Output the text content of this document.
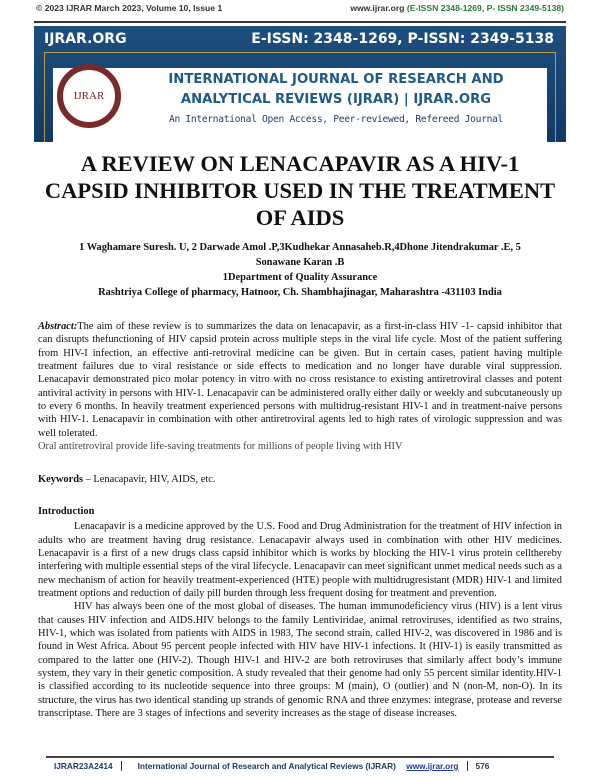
© 2023 IJRAR March 2023, Volume 10, Issue 1	www.ijrar.org (E-ISSN 2348-1269, P- ISSN 2349-5138)
IJRAR.ORG	E-ISSN: 2348-1269, P-ISSN: 2349-5138
IJRAR
INTERNATIONAL JOURNAL OF RESEARCH AND
ANALYTICAL REVIEWS (IJRAR) | IJRAR.ORG
An International Open Access, Peer-reviewed, Refereed Journal
A REVIEW ON LENACAPAVIR AS A HIV-1 CAPSID INHIBITOR USED IN THE TREATMENT OF AIDS
1 Waghamare Suresh. U, 2 Darwade Amol .P,3Kudhekar Annasaheb.R,4Dhone Jitendrakumar .E, 5
Sonawane Karan .B
1Department of Quality Assurance
Rashtriya College of pharmacy, Hatnoor, Ch. Shambhajinagar, Maharashtra -431103 India
Abstract:The aim of these review is to summarizes the data on lenacapavir, as a first-in-class HIV -1- capsid inhibitor that can disrupts thefunctioning of HIV capsid protein across multiple steps in the viral life cycle. Most of the patient suffering from HIV-I infection, an effective anti-retroviral medicine can be given. But in certain cases, patient having multiple treatment failures due to viral resistance or side effects to medication and no longer have durable viral suppression. Lenacapavir demonstrated pico molar potency in vitro with no cross resistance to existing antiretroviral classes and potent antiviral activity in persons with HIV-1. Lenacapavir can be administered orally either daily or weekly and subcutaneously up to every 6 months. In heavily treatment experienced persons with multidrug-resistant HIV-1 and in treatment-naive persons with HIV-1. Lenacapavir in combination with other antiretroviral agents led to high rates of virologic suppression and was well tolerated.
Oral antiretroviral provide life-saving treatments for millions of people living with HIV
Keywords – Lenacapavir, HIV, AIDS, etc.
Introduction

Lenacapavir is a medicine approved by the U.S. Food and Drug Administration for the treatment of HIV infection in adults who are treatment having drug resistance. Lenacapavir always used in combination with other HIV medicines. Lenacapavir is a first of a new drugs class capsid inhibitor which is works by blocking the HIV-1 virus protein cellthereby interfering with multiple essential steps of the viral lifecycle. Lenacapavir can meet significant unmet medical needs such as a new mechanism of action for heavily treatment-experienced (HTE) people with multidrugresistant (MDR) HIV-1 and limited treatment options and reduction of daily pill burden through less frequent dosing for treatment and prevention.

HIV has always been one of the most global of diseases. The human immunodeficiency virus (HIV) is a lent virus that causes HIV infection and AIDS.HIV belongs to the family Lentiviridae, animal retroviruses, identified as two strains, HIV-1, which was isolated from patients with AIDS in 1983, The second strain, called HIV-2, was discovered in 1986 and is found in West Africa. About 95 percent people infected with HIV have HIV-1 infections. It (HIV-1) is easily transmitted as compared to the latter one (HIV-2). Though HIV-1 and HIV-2 are both retroviruses that similarly affect body’s immune system, they vary in their genetic composition. A study revealed that their genome had only 55 percent similar identity.HIV-1 is classified according to its nucleotide sequence into three groups: M (main), O (outlier) and N (non-M, non-O). In its structure, the virus has two identical standing up strands of genomic RNA and three enzymes: integrase, protease and reverse transcriptase. There are 3 stages of infections and severity increases as the stage of disease increases.

IJRAR23A2414	International Journal of Research and Analytical Reviews (IJRAR) www.ijrar.org	576
